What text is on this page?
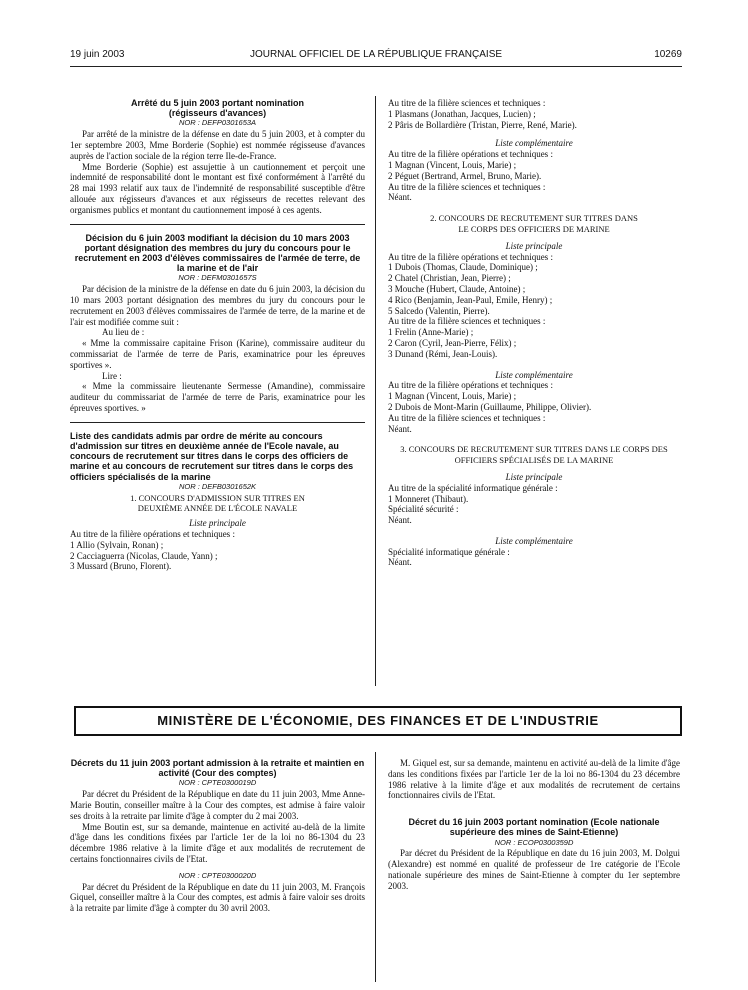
19 juin 2003	JOURNAL OFFICIEL DE LA RÉPUBLIQUE FRANÇAISE	10269

Arrêté du 5 juin 2003 portant nomination (régisseurs d'avances)

NOR : DEFP0301653A

Par arrêté de la ministre de la défense en date du 5 juin 2003, et à compter du 1er septembre 2003, Mme Borderie (Sophie) est nommée régisseuse d'avances auprès de l'action sociale de la région terre Ile-de-France.

Mme Borderie (Sophie) est assujettie à un cautionnement et perçoit une indemnité de responsabilité dont le montant est fixé conformément à l'arrêté du 28 mai 1993 relatif aux taux de l'indemnité de responsabilité susceptible d'être allouée aux régisseurs d'avances et aux régisseurs de recettes relevant des organismes publics et montant du cautionnement imposé à ces agents.

Décision du 6 juin 2003 modifiant la décision du 10 mars 2003 portant désignation des membres du jury du concours pour le recrutement en 2003 d'élèves commissaires de l'armée de terre, de la marine et de l'air

NOR : DEFM0301657S

Par décision de la ministre de la défense en date du 6 juin 2003, la décision du 10 mars 2003 portant désignation des membres du jury du concours pour le recrutement en 2003 d'élèves commissaires de l'armée de terre, de la marine et de l'air est modifiée comme suit :

Au lieu de :

« Mme la commissaire capitaine Frison (Karine), commissaire auditeur du commissariat de l'armée de terre de Paris, examinatrice pour les épreuves sportives ».

Lire :

« Mme la commissaire lieutenante Sermesse (Amandine), commissaire auditeur du commissariat de l'armée de terre de Paris, examinatrice pour les épreuves sportives. »

Liste des candidats admis par ordre de mérite au concours d'admission sur titres en deuxième année de l'Ecole navale, au concours de recrutement sur titres dans le corps des officiers de marine et au concours de recrutement sur titres dans le corps des officiers spécialisés de la marine

NOR : DEFB0301652K

1. CONCOURS D'ADMISSION SUR TITRES EN DEUXIÈME ANNÉE DE L'ÉCOLE NAVALE

Liste principale

Au titre de la filière opérations et techniques :

1 Allio (Sylvain, Ronan) ;

2 Cacciaguerra (Nicolas, Claude, Yann) ;

3 Mussard (Bruno, Florent).

Au titre de la filière sciences et techniques :

1 Plasmans (Jonathan, Jacques, Lucien) ;

2 Pâris de Bollardière (Tristan, Pierre, René, Marie).

Liste complémentaire

Au titre de la filière opérations et techniques :

1 Magnan (Vincent, Louis, Marie) ;

2 Péguet (Bertrand, Armel, Bruno, Marie).

Au titre de la filière sciences et techniques :

Néant.

2. CONCOURS DE RECRUTEMENT SUR TITRES DANS LE CORPS DES OFFICIERS DE MARINE

Liste principale

Au titre de la filière opérations et techniques :

1 Dubois (Thomas, Claude, Dominique) ;

2 Chatel (Christian, Jean, Pierre) ;

3 Mouche (Hubert, Claude, Antoine) ;

4 Rico (Benjamin, Jean-Paul, Emile, Henry) ;

5 Salcedo (Valentin, Pierre).

Au titre de la filière sciences et techniques :

1 Frelin (Anne-Marie) ;

2 Caron (Cyril, Jean-Pierre, Félix) ;

3 Dunand (Rémi, Jean-Louis).

Liste complémentaire

Au titre de la filière opérations et techniques :

1 Magnan (Vincent, Louis, Marie) ;

2 Dubois de Mont-Marin (Guillaume, Philippe, Olivier).

Au titre de la filière sciences et techniques :

Néant.

3. CONCOURS DE RECRUTEMENT SUR TITRES DANS LE CORPS DES OFFICIERS SPÉCIALISÉS DE LA MARINE

Liste principale

Au titre de la spécialité informatique générale :

1 Monneret (Thibaut).

Spécialité sécurité :

Néant.

Liste complémentaire

Spécialité informatique générale :

Néant.

MINISTÈRE DE L'ÉCONOMIE, DES FINANCES ET DE L'INDUSTRIE

Décrets du 11 juin 2003 portant admission à la retraite et maintien en activité (Cour des comptes)

NOR : CPTE0300019D

Par décret du Président de la République en date du 11 juin 2003, Mme Anne-Marie Boutin, conseiller maître à la Cour des comptes, est admise à faire valoir ses droits à la retraite par limite d'âge à compter du 2 mai 2003.

Mme Boutin est, sur sa demande, maintenue en activité au-delà de la limite d'âge dans les conditions fixées par l'article 1er de la loi no 86-1304 du 23 décembre 1986 relative à la limite d'âge et aux modalités de recrutement de certains fonctionnaires civils de l'Etat.

NOR : CPTE0300020D

Par décret du Président de la République en date du 11 juin 2003, M. François Giquel, conseiller maître à la Cour des comptes, est admis à faire valoir ses droits à la retraite par limite d'âge à compter du 30 avril 2003.

M. Giquel est, sur sa demande, maintenu en activité au-delà de la limite d'âge dans les conditions fixées par l'article 1er de la loi no 86-1304 du 23 décembre 1986 relative à la limite d'âge et aux modalités de recrutement de certains fonctionnaires civils de l'Etat.

Décret du 16 juin 2003 portant nomination (Ecole nationale supérieure des mines de Saint-Etienne)

NOR : ECOP0300359D

Par décret du Président de la République en date du 16 juin 2003, M. Dolgui (Alexandre) est nommé en qualité de professeur de 1re catégorie de l'Ecole nationale supérieure des mines de Saint-Etienne à compter du 1er septembre 2003.
